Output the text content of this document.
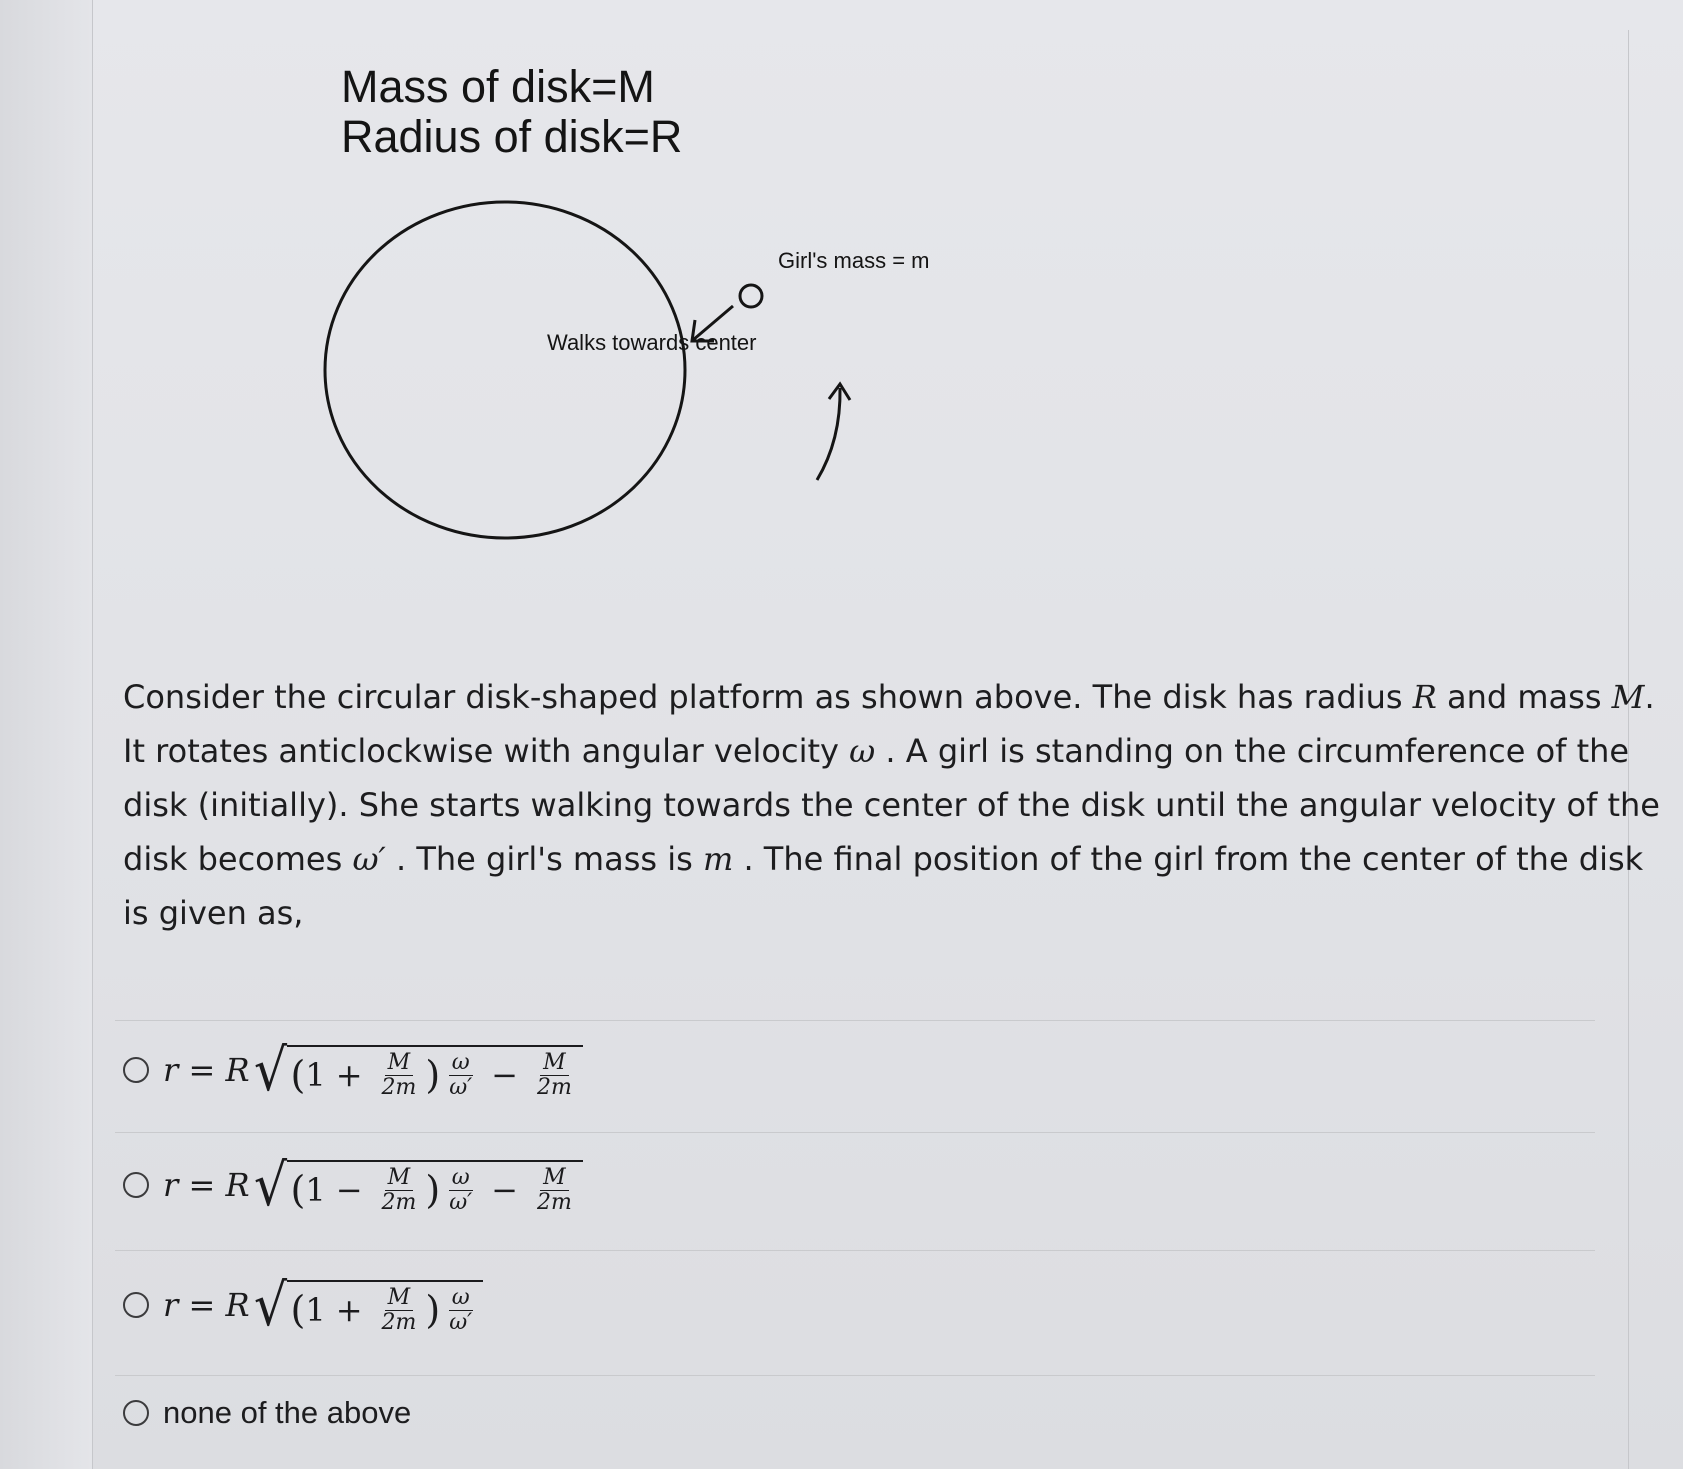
Mass of disk=M
Radius of disk=R
Girl's mass = m
Walks towards center
Consider the circular disk-shaped platform as shown above. The disk has radius R and mass M. It rotates anticlockwise with angular velocity ω . A girl is standing on the circumference of the disk (initially). She starts walking towards the center of the disk until the angular velocity of the disk becomes ω′ . The girl's mass is m . The final position of the girl from the center of the disk is given as,
r = R √ ( $1 + \frac{M}{2m}$ ) $\frac{\omega}{\omega'} - \frac{M}{2m}$
r = R √ ( $1 - \frac{M}{2m}$ ) $\frac{\omega}{\omega'} - \frac{M}{2m}$
r = R √ ( $1 + \frac{M}{2m}$ ) $\frac{\omega}{\omega'}$
none of the above
